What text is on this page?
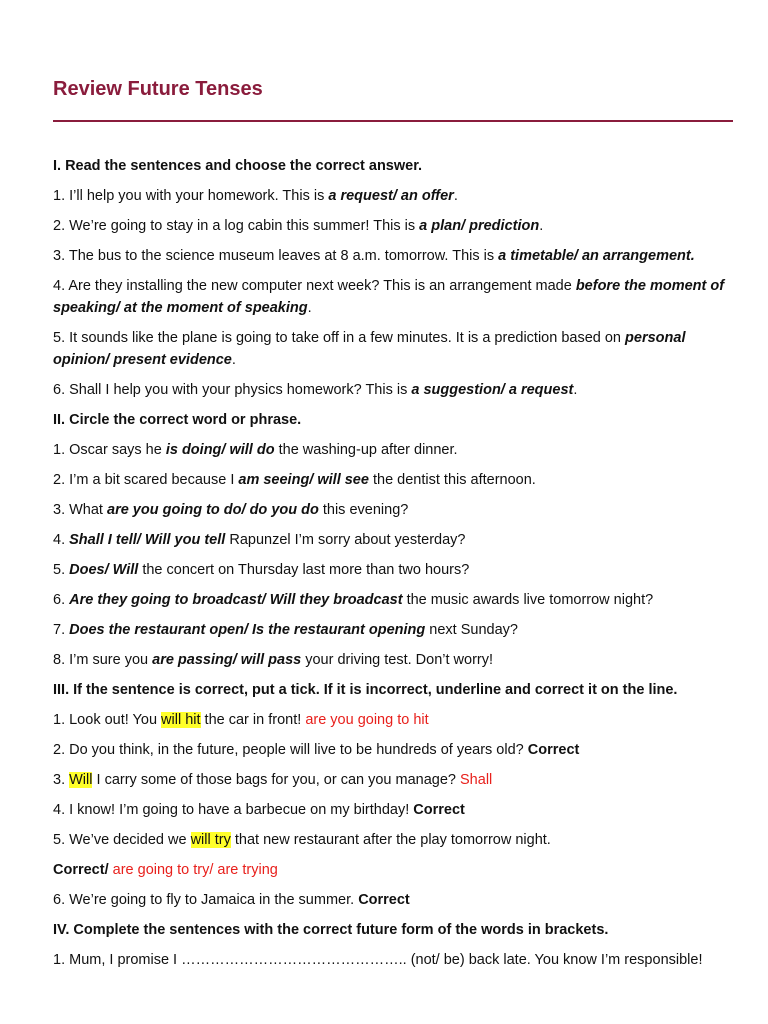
Review Future Tenses
I. Read the sentences and choose the correct answer.
1. I’ll help you with your homework. This is a request/ an offer.
2. We’re going to stay in a log cabin this summer! This is a plan/ prediction.
3. The bus to the science museum leaves at 8 a.m. tomorrow. This is a timetable/ an arrangement.
4. Are they installing the new computer next week? This is an arrangement made before the moment of speaking/ at the moment of speaking.
5. It sounds like the plane is going to take off in a few minutes. It is a prediction based on personal opinion/ present evidence.
6. Shall I help you with your physics homework? This is a suggestion/ a request.
II. Circle the correct word or phrase.
1. Oscar says he is doing/ will do the washing-up after dinner.
2. I’m a bit scared because I am seeing/ will see the dentist this afternoon.
3. What are you going to do/ do you do this evening?
4. Shall I tell/ Will you tell Rapunzel I’m sorry about yesterday?
5. Does/ Will the concert on Thursday last more than two hours?
6. Are they going to broadcast/ Will they broadcast the music awards live tomorrow night?
7. Does the restaurant open/ Is the restaurant opening next Sunday?
8. I’m sure you are passing/ will pass your driving test. Don’t worry!
III. If the sentence is correct, put a tick. If it is incorrect, underline and correct it on the line.
1. Look out! You will hit the car in front! are you going to hit
2. Do you think, in the future, people will live to be hundreds of years old? Correct
3. Will I carry some of those bags for you, or can you manage? Shall
4. I know! I’m going to have a barbecue on my birthday! Correct
5. We’ve decided we will try that new restaurant after the play tomorrow night.
Correct/ are going to try/ are trying
6. We’re going to fly to Jamaica in the summer. Correct
IV. Complete the sentences with the correct future form of the words in brackets.
1. Mum, I promise I ……………………………………….. (not/ be) back late. You know I’m responsible!
